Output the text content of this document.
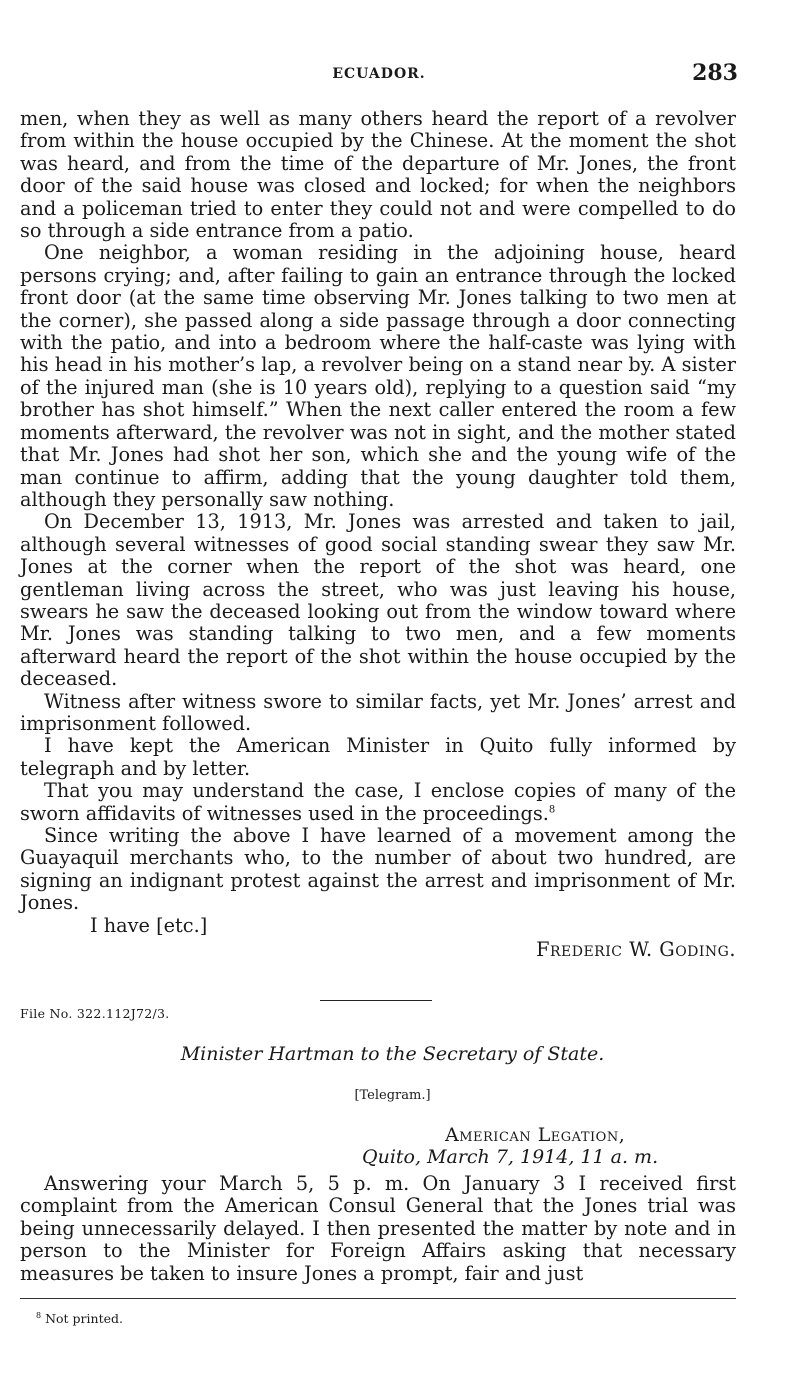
ECUADOR.	283

men, when they as well as many others heard the report of a revolver from within the house occupied by the Chinese. At the moment the shot was heard, and from the time of the departure of Mr. Jones, the front door of the said house was closed and locked; for when the neighbors and a policeman tried to enter they could not and were compelled to do so through a side entrance from a patio.

One neighbor, a woman residing in the adjoining house, heard persons crying; and, after failing to gain an entrance through the locked front door (at the same time observing Mr. Jones talking to two men at the corner), she passed along a side passage through a door connecting with the patio, and into a bedroom where the half-caste was lying with his head in his mother’s lap, a revolver being on a stand near by. A sister of the injured man (she is 10 years old), replying to a question said “my brother has shot himself.” When the next caller entered the room a few moments afterward, the revolver was not in sight, and the mother stated that Mr. Jones had shot her son, which she and the young wife of the man continue to affirm, adding that the young daughter told them, although they personally saw nothing.

On December 13, 1913, Mr. Jones was arrested and taken to jail, although several witnesses of good social standing swear they saw Mr. Jones at the corner when the report of the shot was heard, one gentleman living across the street, who was just leaving his house, swears he saw the deceased looking out from the window toward where Mr. Jones was standing talking to two men, and a few moments afterward heard the report of the shot within the house occupied by the deceased.

Witness after witness swore to similar facts, yet Mr. Jones’ arrest and imprisonment followed.

I have kept the American Minister in Quito fully informed by telegraph and by letter.

That you may understand the case, I enclose copies of many of the sworn affidavits of witnesses used in the proceedings.$^8$

Since writing the above I have learned of a movement among the Guayaquil merchants who, to the number of about two hundred, are signing an indignant protest against the arrest and imprisonment of Mr. Jones.

I have [etc.]

Frederic W. Goding.

File No. 322.112J72/3.
Minister Hartman to the Secretary of State.
[Telegram.]
American Legation,
Quito, March 7, 1914, 11 a. m.

Answering your March 5, 5 p. m. On January 3 I received first complaint from the American Consul General that the Jones trial was being unnecessarily delayed. I then presented the matter by note and in person to the Minister for Foreign Affairs asking that necessary measures be taken to insure Jones a prompt, fair and just

$^8$ Not printed.
